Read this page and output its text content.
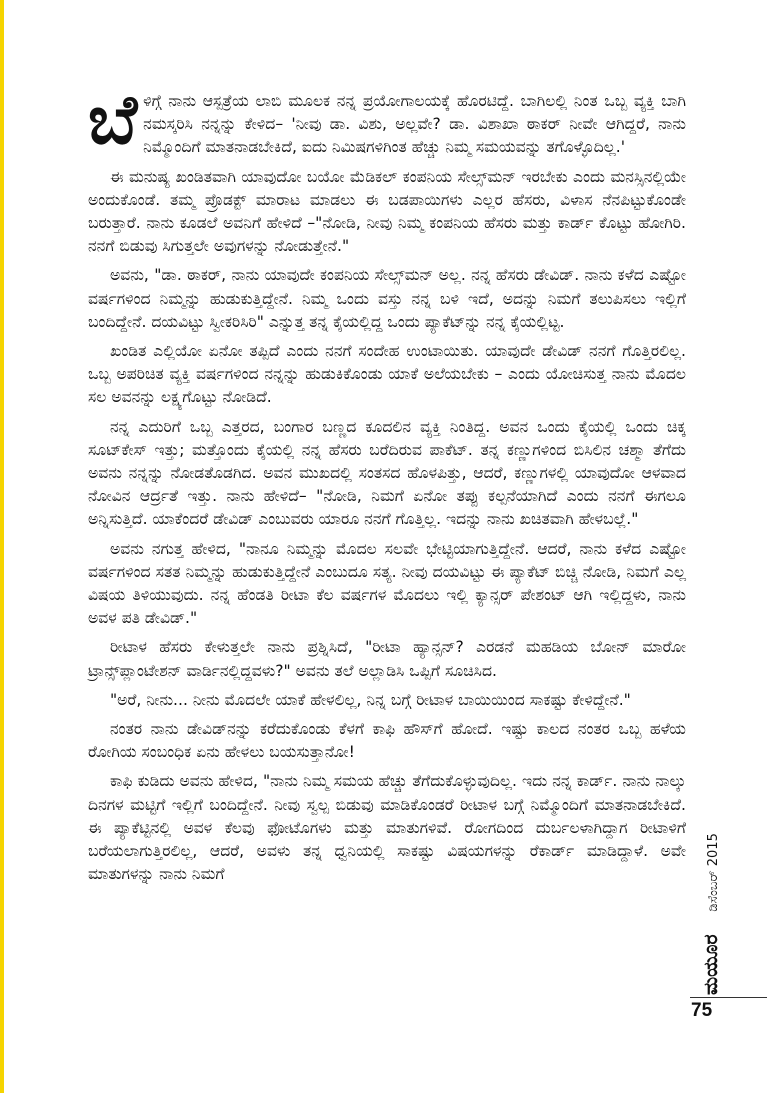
ಬೆಳಿಗ್ಗೆ ನಾನು ಆಸ್ಪತ್ರೆಯ ಲಾಬಿ ಮೂಲಕ ನನ್ನ ಪ್ರಯೋಗಾಲಯಕ್ಕೆ ಹೊರಟಿದ್ದೆ. ಬಾಗಿಲಲ್ಲಿ ನಿಂತ ಒಬ್ಬ ವ್ಯಕ್ತಿ ಬಾಗಿ ನಮಸ್ಕರಿಸಿ ನನ್ನನ್ನು ಕೇಳಿದ– 'ನೀವು ಡಾ. ವಿಶು, ಅಲ್ಲವೇ? ಡಾ. ವಿಶಾಖಾ ಠಾಕರ್ ನೀವೇ ಆಗಿದ್ದರೆ, ನಾನು ನಿಮ್ಮೊಂದಿಗೆ ಮಾತನಾಡಬೇಕಿದೆ, ಐದು ನಿಮಿಷಗಳಿಗಿಂತ ಹೆಚ್ಚು ನಿಮ್ಮ ಸಮಯವನ್ನು ತಗೊಳ್ಳೊದಿಲ್ಲ.'

ಈ ಮನುಷ್ಯ ಖಂಡಿತವಾಗಿ ಯಾವುದೋ ಬಯೋ ಮೆಡಿಕಲ್ ಕಂಪನಿಯ ಸೇಲ್ಸ್‌ಮನ್ ಇರಬೇಕು ಎಂದು ಮನಸ್ಸಿನಲ್ಲಿಯೇ ಅಂದುಕೊಂಡೆ. ತಮ್ಮ ಪ್ರೊಡಕ್ಟ್ ಮಾರಾಟ ಮಾಡಲು ಈ ಬಡಪಾಯಿಗಳು ಎಲ್ಲರ ಹೆಸರು, ವಿಳಾಸ ನೆನಪಿಟ್ಟುಕೊಂಡೇ ಬರುತ್ತಾರೆ. ನಾನು ಕೂಡಲೆ ಅವನಿಗೆ ಹೇಳಿದೆ –"ನೋಡಿ, ನೀವು ನಿಮ್ಮ ಕಂಪನಿಯ ಹೆಸರು ಮತ್ತು ಕಾರ್ಡ್ ಕೊಟ್ಟು ಹೋಗಿರಿ. ನನಗೆ ಬಿಡುವು ಸಿಗುತ್ತಲೇ ಅವುಗಳನ್ನು ನೋಡುತ್ತೇನೆ."

ಅವನು, "ಡಾ. ಠಾಕರ್, ನಾನು ಯಾವುದೇ ಕಂಪನಿಯ ಸೇಲ್ಸ್‌ಮನ್ ಅಲ್ಲ. ನನ್ನ ಹೆಸರು ಡೇವಿಡ್. ನಾನು ಕಳೆದ ಎಷ್ಟೋ ವರ್ಷಗಳಿಂದ ನಿಮ್ಮನ್ನು ಹುಡುಕುತ್ತಿದ್ದೇನೆ. ನಿಮ್ಮ ಒಂದು ವಸ್ತು ನನ್ನ ಬಳಿ ಇದೆ, ಅದನ್ನು ನಿಮಗೆ ತಲುಪಿಸಲು ಇಲ್ಲಿಗೆ ಬಂದಿದ್ದೇನೆ. ದಯವಿಟ್ಟು ಸ್ವೀಕರಿಸಿರಿ" ಎನ್ನುತ್ತ ತನ್ನ ಕೈಯಲ್ಲಿದ್ದ ಒಂದು ಪ್ಯಾಕೆಟ್‌ನ್ನು ನನ್ನ ಕೈಯಲ್ಲಿಟ್ಟ.

ಖಂಡಿತ ಎಲ್ಲಿಯೋ ಏನೋ ತಪ್ಪಿದೆ ಎಂದು ನನಗೆ ಸಂದೇಹ ಉಂಟಾಯಿತು. ಯಾವುದೇ ಡೇವಿಡ್ ನನಗೆ ಗೊತ್ತಿರಲಿಲ್ಲ. ಒಬ್ಬ ಅಪರಿಚಿತ ವ್ಯಕ್ತಿ ವರ್ಷಗಳಿಂದ ನನ್ನನ್ನು ಹುಡುಕಿಕೊಂಡು ಯಾಕೆ ಅಲೆಯಬೇಕು – ಎಂದು ಯೋಚಿಸುತ್ತ ನಾನು ಮೊದಲ ಸಲ ಅವನನ್ನು ಲಕ್ಷ್ಯಗೊಟ್ಟು ನೋಡಿದೆ.

ನನ್ನ ಎದುರಿಗೆ ಒಬ್ಬ ಎತ್ತರದ, ಬಂಗಾರ ಬಣ್ಣದ ಕೂದಲಿನ ವ್ಯಕ್ತಿ ನಿಂತಿದ್ದ. ಅವನ ಒಂದು ಕೈಯಲ್ಲಿ ಒಂದು ಚಿಕ್ಕ ಸೂಟ್‌ಕೇಸ್ ಇತ್ತು; ಮತ್ತೊಂದು ಕೈಯಲ್ಲಿ ನನ್ನ ಹೆಸರು ಬರೆದಿರುವ ಪಾಕೆಟ್. ತನ್ನ ಕಣ್ಣುಗಳಿಂದ ಬಿಸಿಲಿನ ಚಶ್ಮಾ ತೆಗೆದು ಅವನು ನನ್ನನ್ನು ನೋಡತೊಡಗಿದ. ಅವನ ಮುಖದಲ್ಲಿ ಸಂತಸದ ಹೊಳಪಿತ್ತು, ಆದರೆ, ಕಣ್ಣುಗಳಲ್ಲಿ ಯಾವುದೋ ಆಳವಾದ ನೋವಿನ ಆರ್ದ್ರತೆ ಇತ್ತು. ನಾನು ಹೇಳಿದೆ– "ನೋಡಿ, ನಿಮಗೆ ಏನೋ ತಪ್ಪು ಕಲ್ಪನೆಯಾಗಿದೆ ಎಂದು ನನಗೆ ಈಗಲೂ ಅನ್ನಿಸುತ್ತಿದೆ. ಯಾಕೆಂದರೆ ಡೇವಿಡ್ ಎಂಬುವರು ಯಾರೂ ನನಗೆ ಗೊತ್ತಿಲ್ಲ. ಇದನ್ನು ನಾನು ಖಚಿತವಾಗಿ ಹೇಳಬಲ್ಲೆ."

ಅವನು ನಗುತ್ತ ಹೇಳಿದ, "ನಾನೂ ನಿಮ್ಮನ್ನು ಮೊದಲ ಸಲವೇ ಭೇಟ್ಟಿಯಾಗುತ್ತಿದ್ದೇನೆ. ಆದರೆ, ನಾನು ಕಳೆದ ಎಷ್ಟೋ ವರ್ಷಗಳಿಂದ ಸತತ ನಿಮ್ಮನ್ನು ಹುಡುಕುತ್ತಿದ್ದೇನೆ ಎಂಬುದೂ ಸತ್ಯ. ನೀವು ದಯವಿಟ್ಟು ಈ ಪ್ಯಾಕೆಟ್ ಬಿಚ್ಚಿ ನೋಡಿ, ನಿಮಗೆ ಎಲ್ಲ ವಿಷಯ ತಿಳಿಯುವುದು. ನನ್ನ ಹೆಂಡತಿ ರೀಟಾ ಕೆಲ ವರ್ಷಗಳ ಮೊದಲು ಇಲ್ಲಿ ಕ್ಯಾನ್ಸರ್ ಪೇಶಂಟ್ ಆಗಿ ಇಲ್ಲಿದ್ದಳು, ನಾನು ಅವಳ ಪತಿ ಡೇವಿಡ್."

ರೀಟಾಳ ಹೆಸರು ಕೇಳುತ್ತಲೇ ನಾನು ಪ್ರಶ್ನಿಸಿದೆ, "ರೀಟಾ ಹ್ಯಾನ್ಸನ್? ಎರಡನೆ ಮಹಡಿಯ ಬೋನ್ ಮಾರೋ ಟ್ರಾನ್ಸ್‌ಪ್ಲಾಂಟೇಶನ್ ವಾರ್ಡಿನಲ್ಲಿದ್ದವಳು?" ಅವನು ತಲೆ ಅಲ್ಲಾಡಿಸಿ ಒಪ್ಪಿಗೆ ಸೂಚಿಸಿದ.

"ಅರೆ, ನೀನು... ನೀನು ಮೊದಲೇ ಯಾಕೆ ಹೇಳಲಿಲ್ಲ, ನಿನ್ನ ಬಗ್ಗೆ ರೀಟಾಳ ಬಾಯಿಯಿಂದ ಸಾಕಷ್ಟು ಕೇಳಿದ್ದೇನೆ."

ನಂತರ ನಾನು ಡೇವಿಡ್‌ನನ್ನು ಕರೆದುಕೊಂಡು ಕೆಳಗೆ ಕಾಫಿ ಹೌಸ್‌ಗೆ ಹೋದೆ. ಇಷ್ಟು ಕಾಲದ ನಂತರ ಒಬ್ಬ ಹಳೆಯ ರೋಗಿಯ ಸಂಬಂಧಿಕ ಏನು ಹೇಳಲು ಬಯಸುತ್ತಾನೋ!

ಕಾಫಿ ಕುಡಿದು ಅವನು ಹೇಳಿದ, "ನಾನು ನಿಮ್ಮ ಸಮಯ ಹೆಚ್ಚು ತೆಗೆದುಕೊಳ್ಳುವುದಿಲ್ಲ. ಇದು ನನ್ನ ಕಾರ್ಡ್. ನಾನು ನಾಲ್ಕು ದಿನಗಳ ಮಟ್ಟಿಗೆ ಇಲ್ಲಿಗೆ ಬಂದಿದ್ದೇನೆ. ನೀವು ಸ್ವಲ್ಪ ಬಿಡುವು ಮಾಡಿಕೊಂಡರೆ ರೀಟಾಳ ಬಗ್ಗೆ ನಿಮ್ಮೊಂದಿಗೆ ಮಾತನಾಡಬೇಕಿದೆ. ಈ ಪ್ಯಾಕೆಟ್ಟಿನಲ್ಲಿ ಅವಳ ಕೆಲವು ಫೋಟೊಗಳು ಮತ್ತು ಮಾತುಗಳಿವೆ. ರೋಗದಿಂದ ದುರ್ಬಲಳಾಗಿದ್ದಾಗ ರೀಟಾಳಿಗೆ ಬರೆಯಲಾಗುತ್ತಿರಲಿಲ್ಲ, ಆದರೆ, ಅವಳು ತನ್ನ ಧ್ವನಿಯಲ್ಲಿ ಸಾಕಷ್ಟು ವಿಷಯಗಳನ್ನು ರೆಕಾರ್ಡ್ ಮಾಡಿದ್ದಾಳೆ. ಅವೇ ಮಾತುಗಳನ್ನು ನಾನು ನಿಮಗೆ

ಮಯೂರ ಡಿಸೆಂಬರ್ 2015
75
